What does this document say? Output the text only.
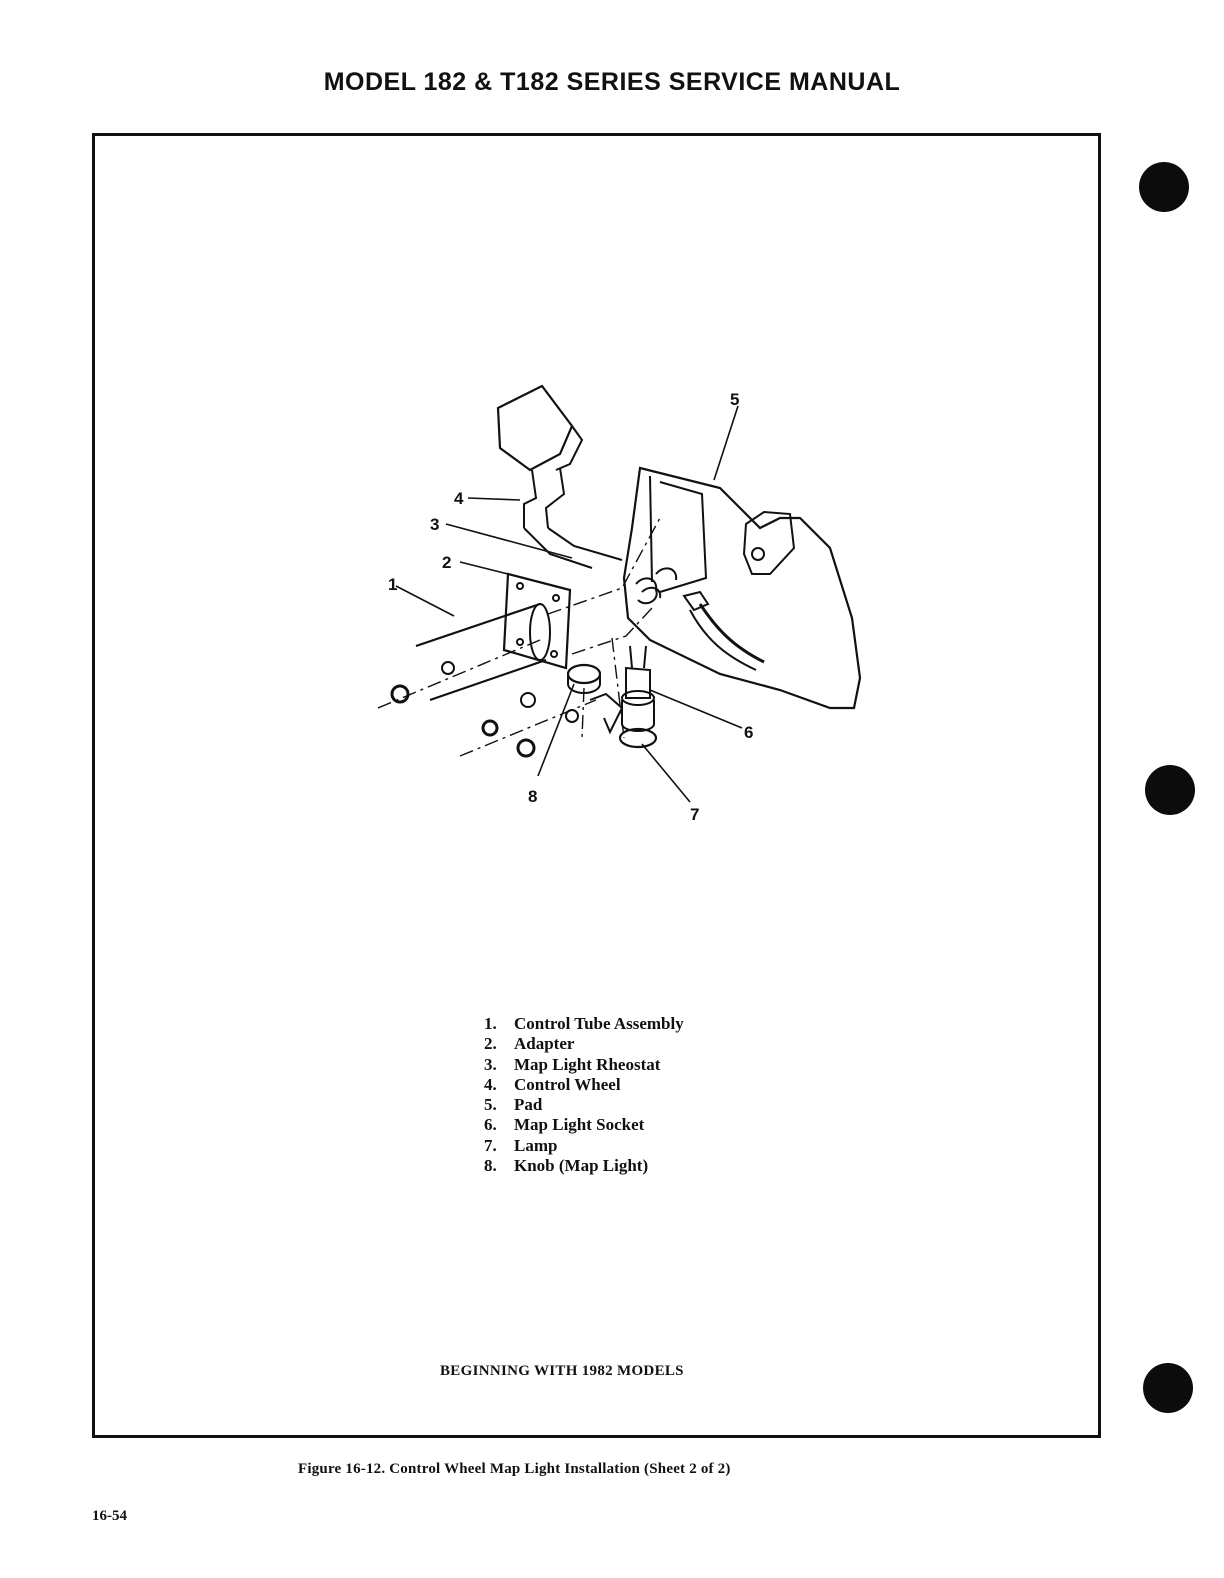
MODEL 182 & T182 SERIES SERVICE MANUAL
1
2
3
4
5
6
7
8
1. Control Tube Assembly
2. Adapter
3. Map Light Rheostat
4. Control Wheel
5. Pad
6. Map Light Socket
7. Lamp
8. Knob (Map Light)
BEGINNING WITH 1982 MODELS
Figure 16-12. Control Wheel Map Light Installation (Sheet 2 of 2)
16-54
